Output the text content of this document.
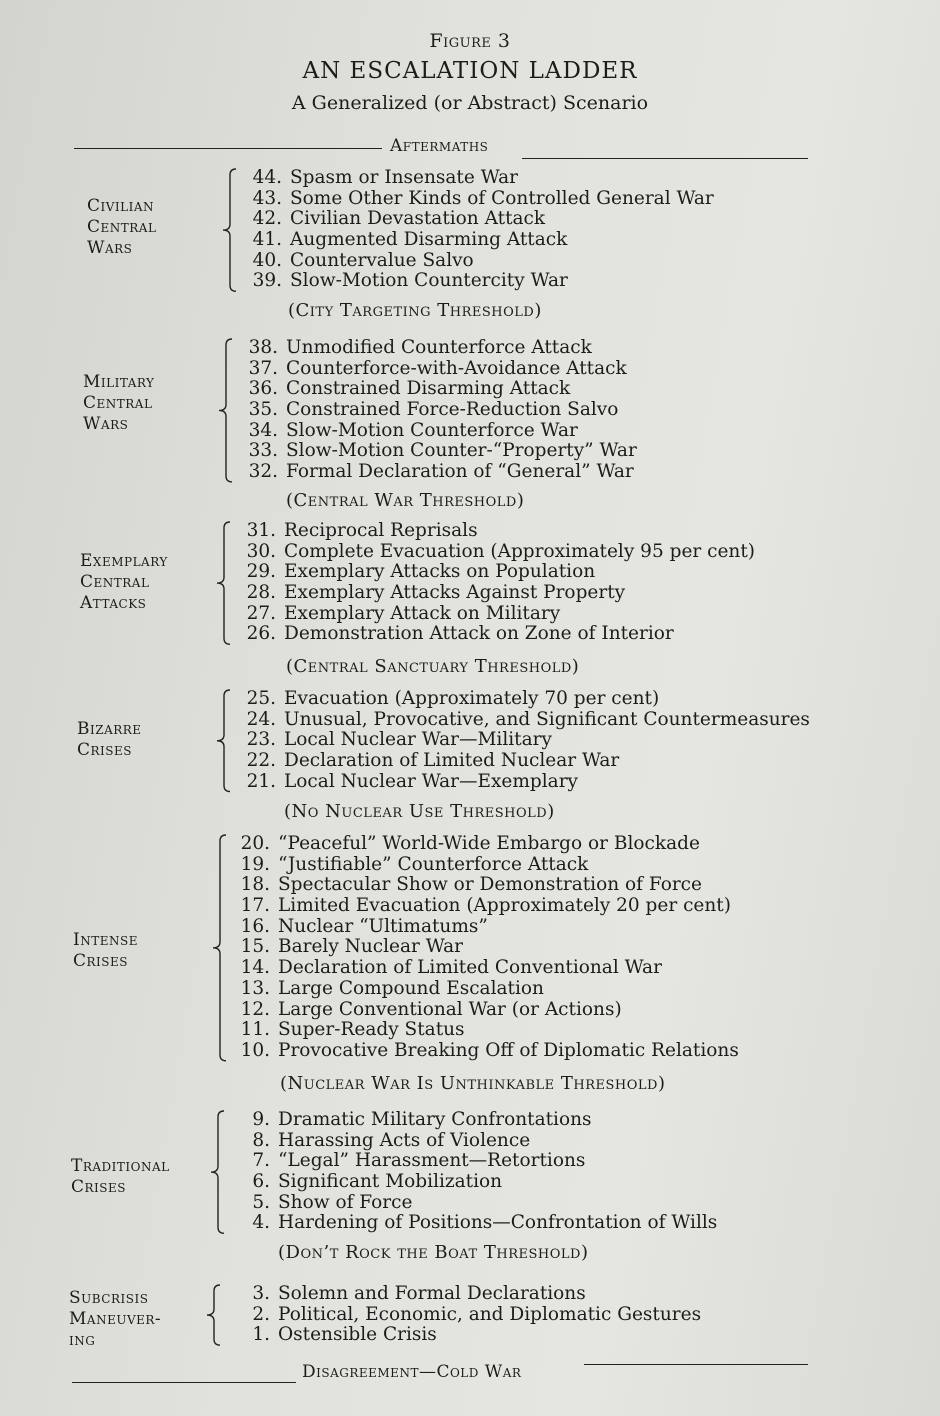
Figure 3
AN ESCALATION LADDER
A Generalized (or Abstract) Scenario
Aftermaths
Civilian
Central
Wars
44. Spasm or Insensate War
43. Some Other Kinds of Controlled General War
42. Civilian Devastation Attack
41. Augmented Disarming Attack
40. Countervalue Salvo
39. Slow-Motion Countercity War
(City Targeting Threshold)
Military
Central
Wars
38. Unmodified Counterforce Attack
37. Counterforce-with-Avoidance Attack
36. Constrained Disarming Attack
35. Constrained Force-Reduction Salvo
34. Slow-Motion Counterforce War
33. Slow-Motion Counter-“Property” War
32. Formal Declaration of “General” War
(Central War Threshold)
Exemplary
Central
Attacks
31. Reciprocal Reprisals
30. Complete Evacuation (Approximately 95 per cent)
29. Exemplary Attacks on Population
28. Exemplary Attacks Against Property
27. Exemplary Attack on Military
26. Demonstration Attack on Zone of Interior
(Central Sanctuary Threshold)
Bizarre
Crises
25. Evacuation (Approximately 70 per cent)
24. Unusual, Provocative, and Significant Countermeasures
23. Local Nuclear War—Military
22. Declaration of Limited Nuclear War
21. Local Nuclear War—Exemplary
(No Nuclear Use Threshold)
Intense
Crises
20. “Peaceful” World-Wide Embargo or Blockade
19. “Justifiable” Counterforce Attack
18. Spectacular Show or Demonstration of Force
17. Limited Evacuation (Approximately 20 per cent)
16. Nuclear “Ultimatums”
15. Barely Nuclear War
14. Declaration of Limited Conventional War
13. Large Compound Escalation
12. Large Conventional War (or Actions)
11. Super-Ready Status
10. Provocative Breaking Off of Diplomatic Relations
(Nuclear War Is Unthinkable Threshold)
Traditional
Crises
9. Dramatic Military Confrontations
8. Harassing Acts of Violence
7. “Legal” Harassment—Retortions
6. Significant Mobilization
5. Show of Force
4. Hardening of Positions—Confrontation of Wills
(Don’t Rock the Boat Threshold)
Subcrisis
Maneuver-
ing
3. Solemn and Formal Declarations
2. Political, Economic, and Diplomatic Gestures
1. Ostensible Crisis
Disagreement—Cold War
